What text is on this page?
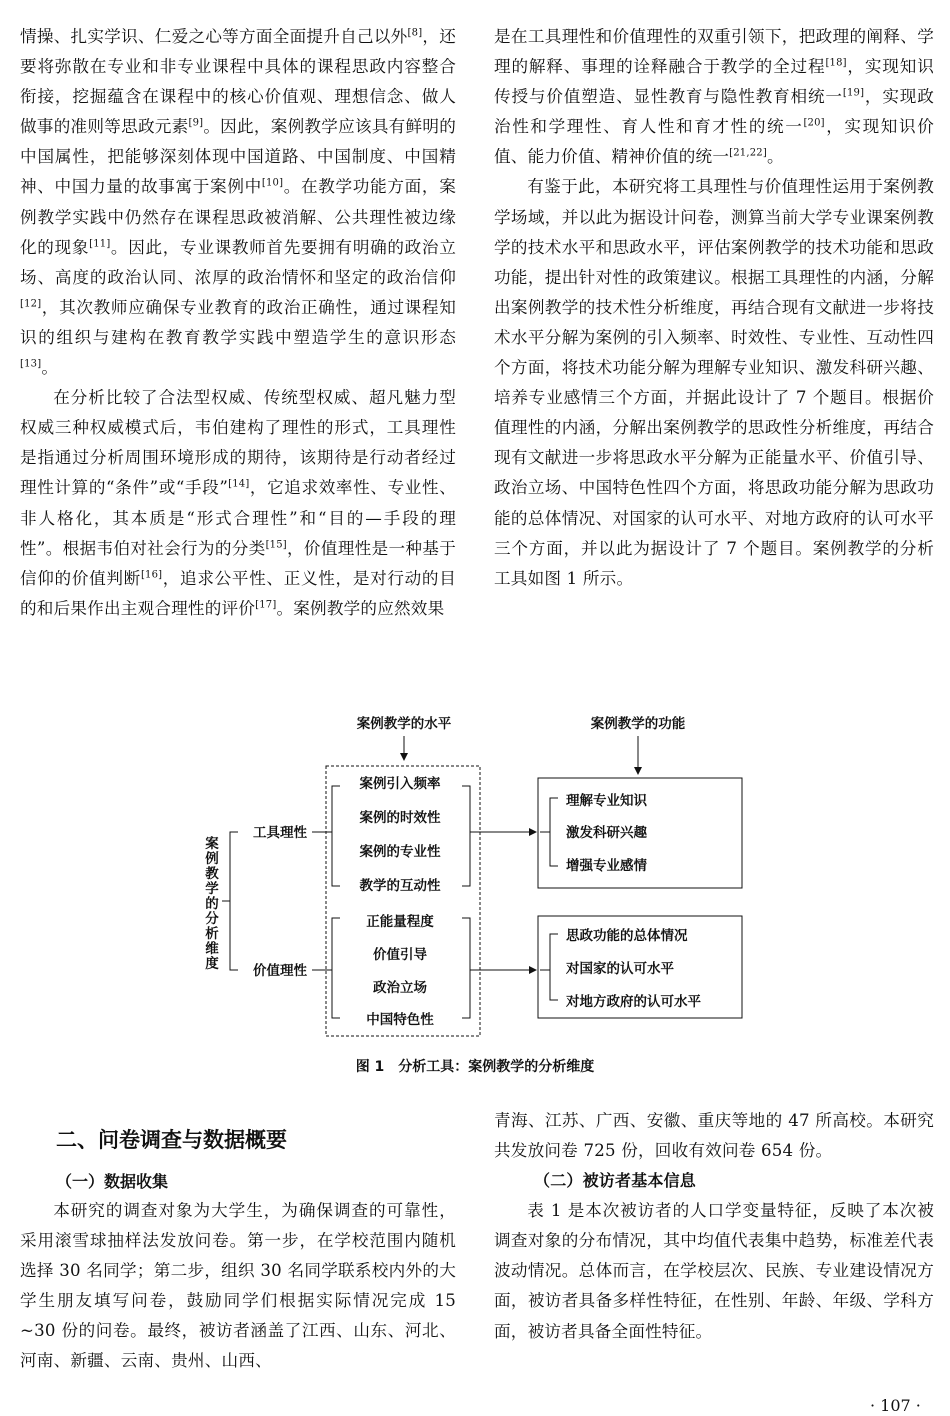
情操、扎实学识、仁爱之心等方面全面提升自己以外[8]，还要将弥散在专业和非专业课程中具体的课程思政内容整合衔接，挖掘蕴含在课程中的核心价值观、理想信念、做人做事的准则等思政元素[9]。因此，案例教学应该具有鲜明的中国属性，把能够深刻体现中国道路、中国制度、中国精神、中国力量的故事寓于案例中[10]。在教学功能方面，案例教学实践中仍然存在课程思政被消解、公共理性被边缘化的现象[11]。因此，专业课教师首先要拥有明确的政治立场、高度的政治认同、浓厚的政治情怀和坚定的政治信仰[12]，其次教师应确保专业教育的政治正确性，通过课程知识的组织与建构在教育教学实践中塑造学生的意识形态[13]。

在分析比较了合法型权威、传统型权威、超凡魅力型权威三种权威模式后，韦伯建构了理性的形式，工具理性是指通过分析周围环境形成的期待，该期待是行动者经过理性计算的“条件”或“手段”[14]，它追求效率性、专业性、非人格化，其本质是“形式合理性”和“目的—手段的理性”。根据韦伯对社会行为的分类[15]，价值理性是一种基于信仰的价值判断[16]，追求公平性、正义性，是对行动的目的和后果作出主观合理性的评价[17]。案例教学的应然效果

是在工具理性和价值理性的双重引领下，把政理的阐释、学理的解释、事理的诠释融合于教学的全过程[18]，实现知识传授与价值塑造、显性教育与隐性教育相统一[19]，实现政治性和学理性、育人性和育才性的统一[20]，实现知识价值、能力价值、精神价值的统一[21,22]。

有鉴于此，本研究将工具理性与价值理性运用于案例教学场域，并以此为据设计问卷，测算当前大学专业课案例教学的技术水平和思政水平，评估案例教学的技术功能和思政功能，提出针对性的政策建议。根据工具理性的内涵，分解出案例教学的技术性分析维度，再结合现有文献进一步将技术水平分解为案例的引入频率、时效性、专业性、互动性四个方面，将技术功能分解为理解专业知识、激发科研兴趣、培养专业感情三个方面，并据此设计了 7 个题目。根据价值理性的内涵，分解出案例教学的思政性分析维度，再结合现有文献进一步将思政水平分解为正能量水平、价值引导、政治立场、中国特色性四个方面，将思政功能分解为思政功能的总体情况、对国家的认可水平、对地方政府的认可水平三个方面，并以此为据设计了 7 个题目。案例教学的分析工具如图 1 所示。

案例教学的水平	案例教学的功能
案
例
教
学
的
分
析
维
度
工具理性
价值理性
案例引入频率
案例的时效性
案例的专业性
教学的互动性
正能量程度
价值引导
政治立场
中国特色性
理解专业知识
激发科研兴趣
增强专业感情
思政功能的总体情况
对国家的认可水平
对地方政府的认可水平
图 1　分析工具：案例教学的分析维度
二、问卷调查与数据概要
（一）数据收集

本研究的调查对象为大学生，为确保调查的可靠性，采用滚雪球抽样法发放问卷。第一步，在学校范围内随机选择 30 名同学；第二步，组织 30 名同学联系校内外的大学生朋友填写问卷，鼓励同学们根据实际情况完成 15 ~30 份的问卷。最终，被访者涵盖了江西、山东、河北、河南、新疆、云南、贵州、山西、

青海、江苏、广西、安徽、重庆等地的 47 所高校。本研究共发放问卷 725 份，回收有效问卷 654 份。

（二）被访者基本信息

表 1 是本次被访者的人口学变量特征，反映了本次被调查对象的分布情况，其中均值代表集中趋势，标准差代表波动情况。总体而言，在学校层次、民族、专业建设情况方面，被访者具备多样性特征，在性别、年龄、年级、学科方面，被访者具备全面性特征。

· 107 ·
